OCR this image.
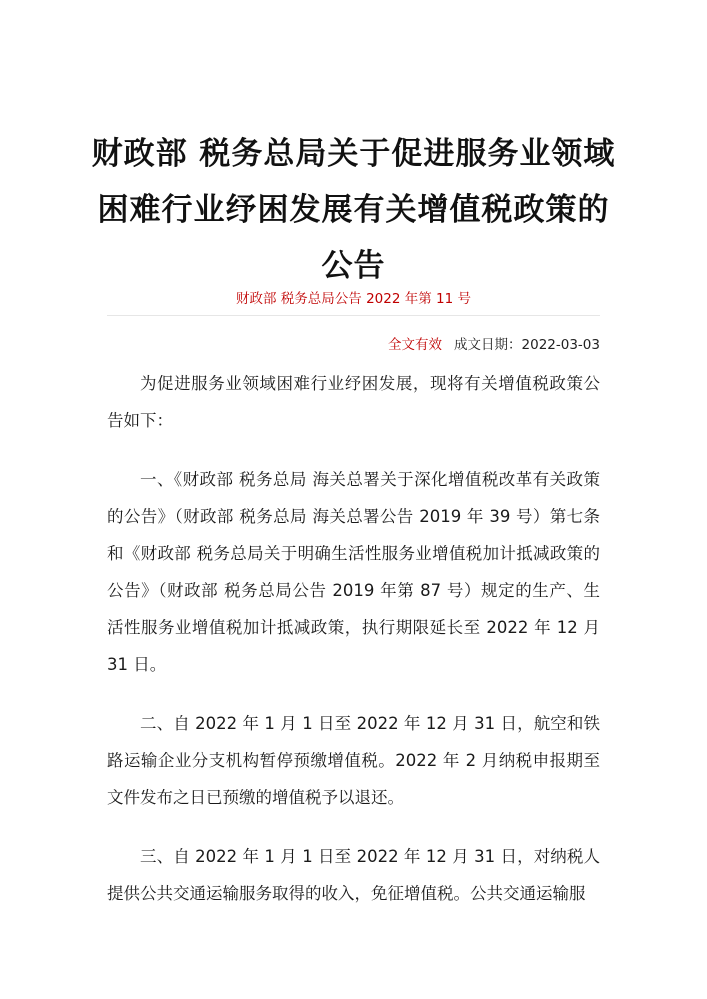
财政部 税务总局关于促进服务业领域
困难行业纾困发展有关增值税政策的
公告
财政部 税务总局公告 2022 年第 11 号
全文有效 成文日期：2022-03-03

为促进服务业领域困难行业纾困发展，现将有关增值税政策公告如下：

一、《财政部 税务总局 海关总署关于深化增值税改革有关政策的公告》（财政部 税务总局 海关总署公告 2019 年 39 号）第七条和《财政部 税务总局关于明确生活性服务业增值税加计抵减政策的公告》（财政部 税务总局公告 2019 年第 87 号）规定的生产、生活性服务业增值税加计抵减政策，执行期限延长至 2022 年 12 月 31 日。

二、自 2022 年 1 月 1 日至 2022 年 12 月 31 日，航空和铁路运输企业分支机构暂停预缴增值税。2022 年 2 月纳税申报期至文件发布之日已预缴的增值税予以退还。

三、自 2022 年 1 月 1 日至 2022 年 12 月 31 日，对纳税人提供公共交通运输服务取得的收入，免征增值税。公共交通运输服
